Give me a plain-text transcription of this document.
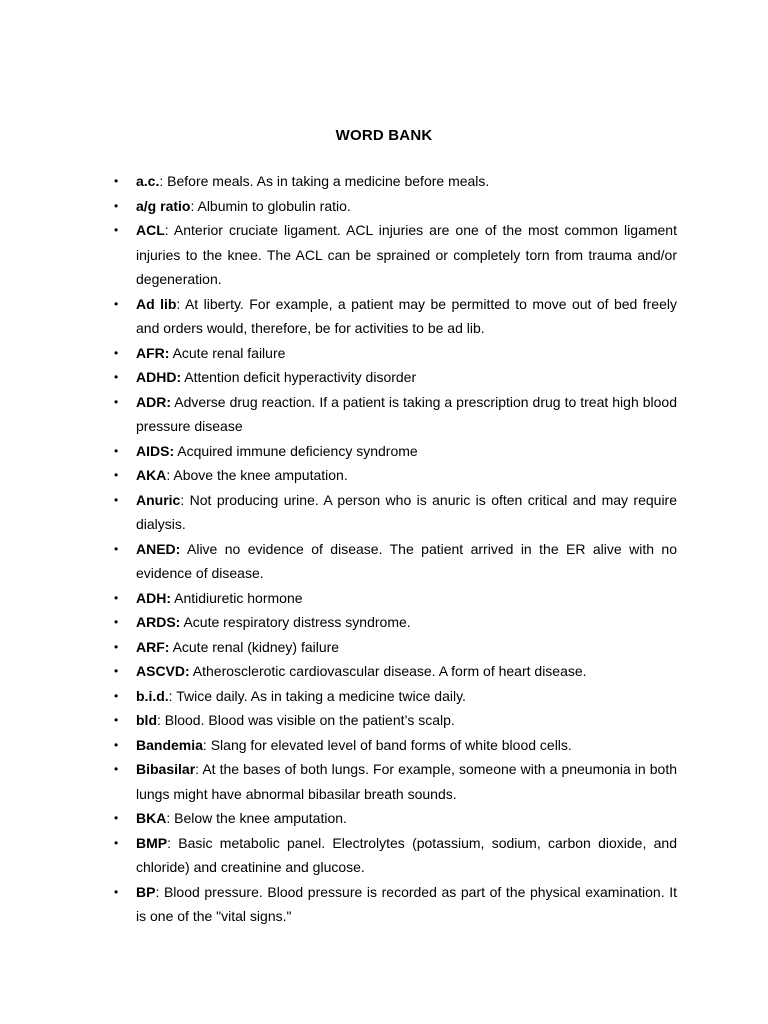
WORD BANK
• a.c.: Before meals. As in taking a medicine before meals.
• a/g ratio: Albumin to globulin ratio.
• ACL: Anterior cruciate ligament. ACL injuries are one of the most common ligament injuries to the knee. The ACL can be sprained or completely torn from trauma and/or degeneration.
• Ad lib: At liberty. For example, a patient may be permitted to move out of bed freely and orders would, therefore, be for activities to be ad lib.
• AFR: Acute renal failure
• ADHD: Attention deficit hyperactivity disorder
• ADR: Adverse drug reaction. If a patient is taking a prescription drug to treat high blood pressure disease
• AIDS: Acquired immune deficiency syndrome
• AKA: Above the knee amputation.
• Anuric: Not producing urine. A person who is anuric is often critical and may require dialysis.
• ANED: Alive no evidence of disease. The patient arrived in the ER alive with no evidence of disease.
• ADH: Antidiuretic hormone
• ARDS: Acute respiratory distress syndrome.
• ARF: Acute renal (kidney) failure
• ASCVD: Atherosclerotic cardiovascular disease. A form of heart disease.
• b.i.d.: Twice daily. As in taking a medicine twice daily.
• bld: Blood. Blood was visible on the patient’s scalp.
• Bandemia: Slang for elevated level of band forms of white blood cells.
• Bibasilar: At the bases of both lungs. For example, someone with a pneumonia in both lungs might have abnormal bibasilar breath sounds.
• BKA: Below the knee amputation.
• BMP: Basic metabolic panel. Electrolytes (potassium, sodium, carbon dioxide, and chloride) and creatinine and glucose.
• BP: Blood pressure. Blood pressure is recorded as part of the physical examination. It is one of the "vital signs."
